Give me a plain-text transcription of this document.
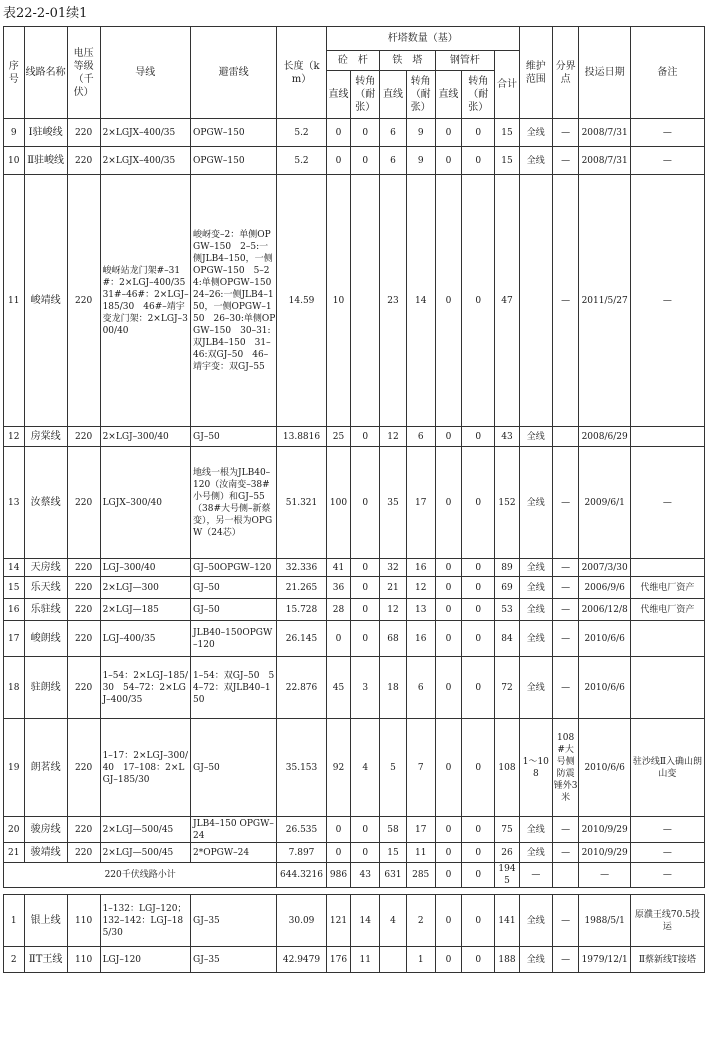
表22-2-01续1
序号	线路名称	电压等级（千伏）	导线	避雷线	长度（km）	杆塔数量（基）							维护范围	分界点	投运日期	备注
						砼　杆		铁　塔		钢管杆		合计				
						直线	转角（耐张）	直线	转角（耐张）	直线	转角（耐张）					
9	Ⅰ驻峻线	220	2×LGJX–400/35	OPGW–150	5.2	0	0	6	9	0	0	15	全线	—	2008/7/31	—
10	Ⅱ驻峻线	220	2×LGJX–400/35	OPGW–150	5.2	0	0	6	9	0	0	15	全线	—	2008/7/31	—
11	峻靖线	220	峻岈站龙门架#–31#：2×LGJ–400/35　31#–46#：2×LGJ–185/30　46#–靖宇变龙门架：2×LGJ–300/40	峻岈变–2：单侧OPGW–150　2–5:一侧JLB4–150，一侧OPGW–150　5–24:单侧OPGW–150　24–26:一侧JLB4–150，一侧OPGW–150　26–30:单侧OPGW–150　30–31:双JLB4–150　31–46:双GJ–50　46–靖宇变：双GJ–55	14.59	10		23	14	0	0	47		—	2011/5/27	—
12	房棠线	220	2×LGJ–300/40	GJ–50	13.8816	25	0	12	6	0	0	43	全线		2008/6/29	
13	汝蔡线	220	LGJX–300/40	地线一根为JLB40–120（汝南变–38#小号侧）和GJ–55（38#大号侧–新蔡变），另一根为OPGW（24芯）	51.321	100	0	35	17	0	0	152	全线	—	2009/6/1	—
14	天房线	220	LGJ–300/40	GJ–50OPGW–120	32.336	41	0	32	16	0	0	89	全线	—	2007/3/30	
15	乐天线	220	2×LGJ—300	GJ–50	21.265	36	0	21	12	0	0	69	全线	—	2006/9/6	代维电厂资产
16	乐驻线	220	2×LGJ—185	GJ–50	15.728	28	0	12	13	0	0	53	全线	—	2006/12/8	代维电厂资产
17	峻朗线	220	LGJ–400/35	JLB40–150OPGW–120	26.145	0	0	68	16	0	0	84	全线	—	2010/6/6	
18	驻朗线	220	1–54：2×LGJ–185/30　54–72：2×LGJ–400/35	1–54：双GJ–50　54–72：双JLB40–150	22.876	45	3	18	6	0	0	72	全线	—	2010/6/6	
19	朗茗线	220	1–17：2×LGJ–300/40　17–108：2×LGJ–185/30	GJ–50	35.153	92	4	5	7	0	0	108	1～108	108#大号侧防震锤外3米	2010/6/6	驻沙线Ⅱ入确山朗山变
20	骏房线	220	2×LGJ—500/45	JLB4–150 OPGW–24	26.535	0	0	58	17	0	0	75	全线	—	2010/9/29	—
21	骏靖线	220	2×LGJ—500/45	2*OPGW–24	7.897	0	0	15	11	0	0	26	全线	—	2010/9/29	—
220千伏线路小计					644.3216	986	43	631	285	0	0	1945	—		—	—

1	银上线	110	1–132：LGJ–120；　132–142：LGJ–185/30	GJ–35	30.09	121	14	4	2	0	0	141	全线	—	1988/5/1	原濮王线70.5投运
2	ⅡT王线	110	LGJ–120	GJ–35	42.9479	176	11		1	0	0	188	全线	—	1979/12/1	Ⅱ蔡新线T接塔
